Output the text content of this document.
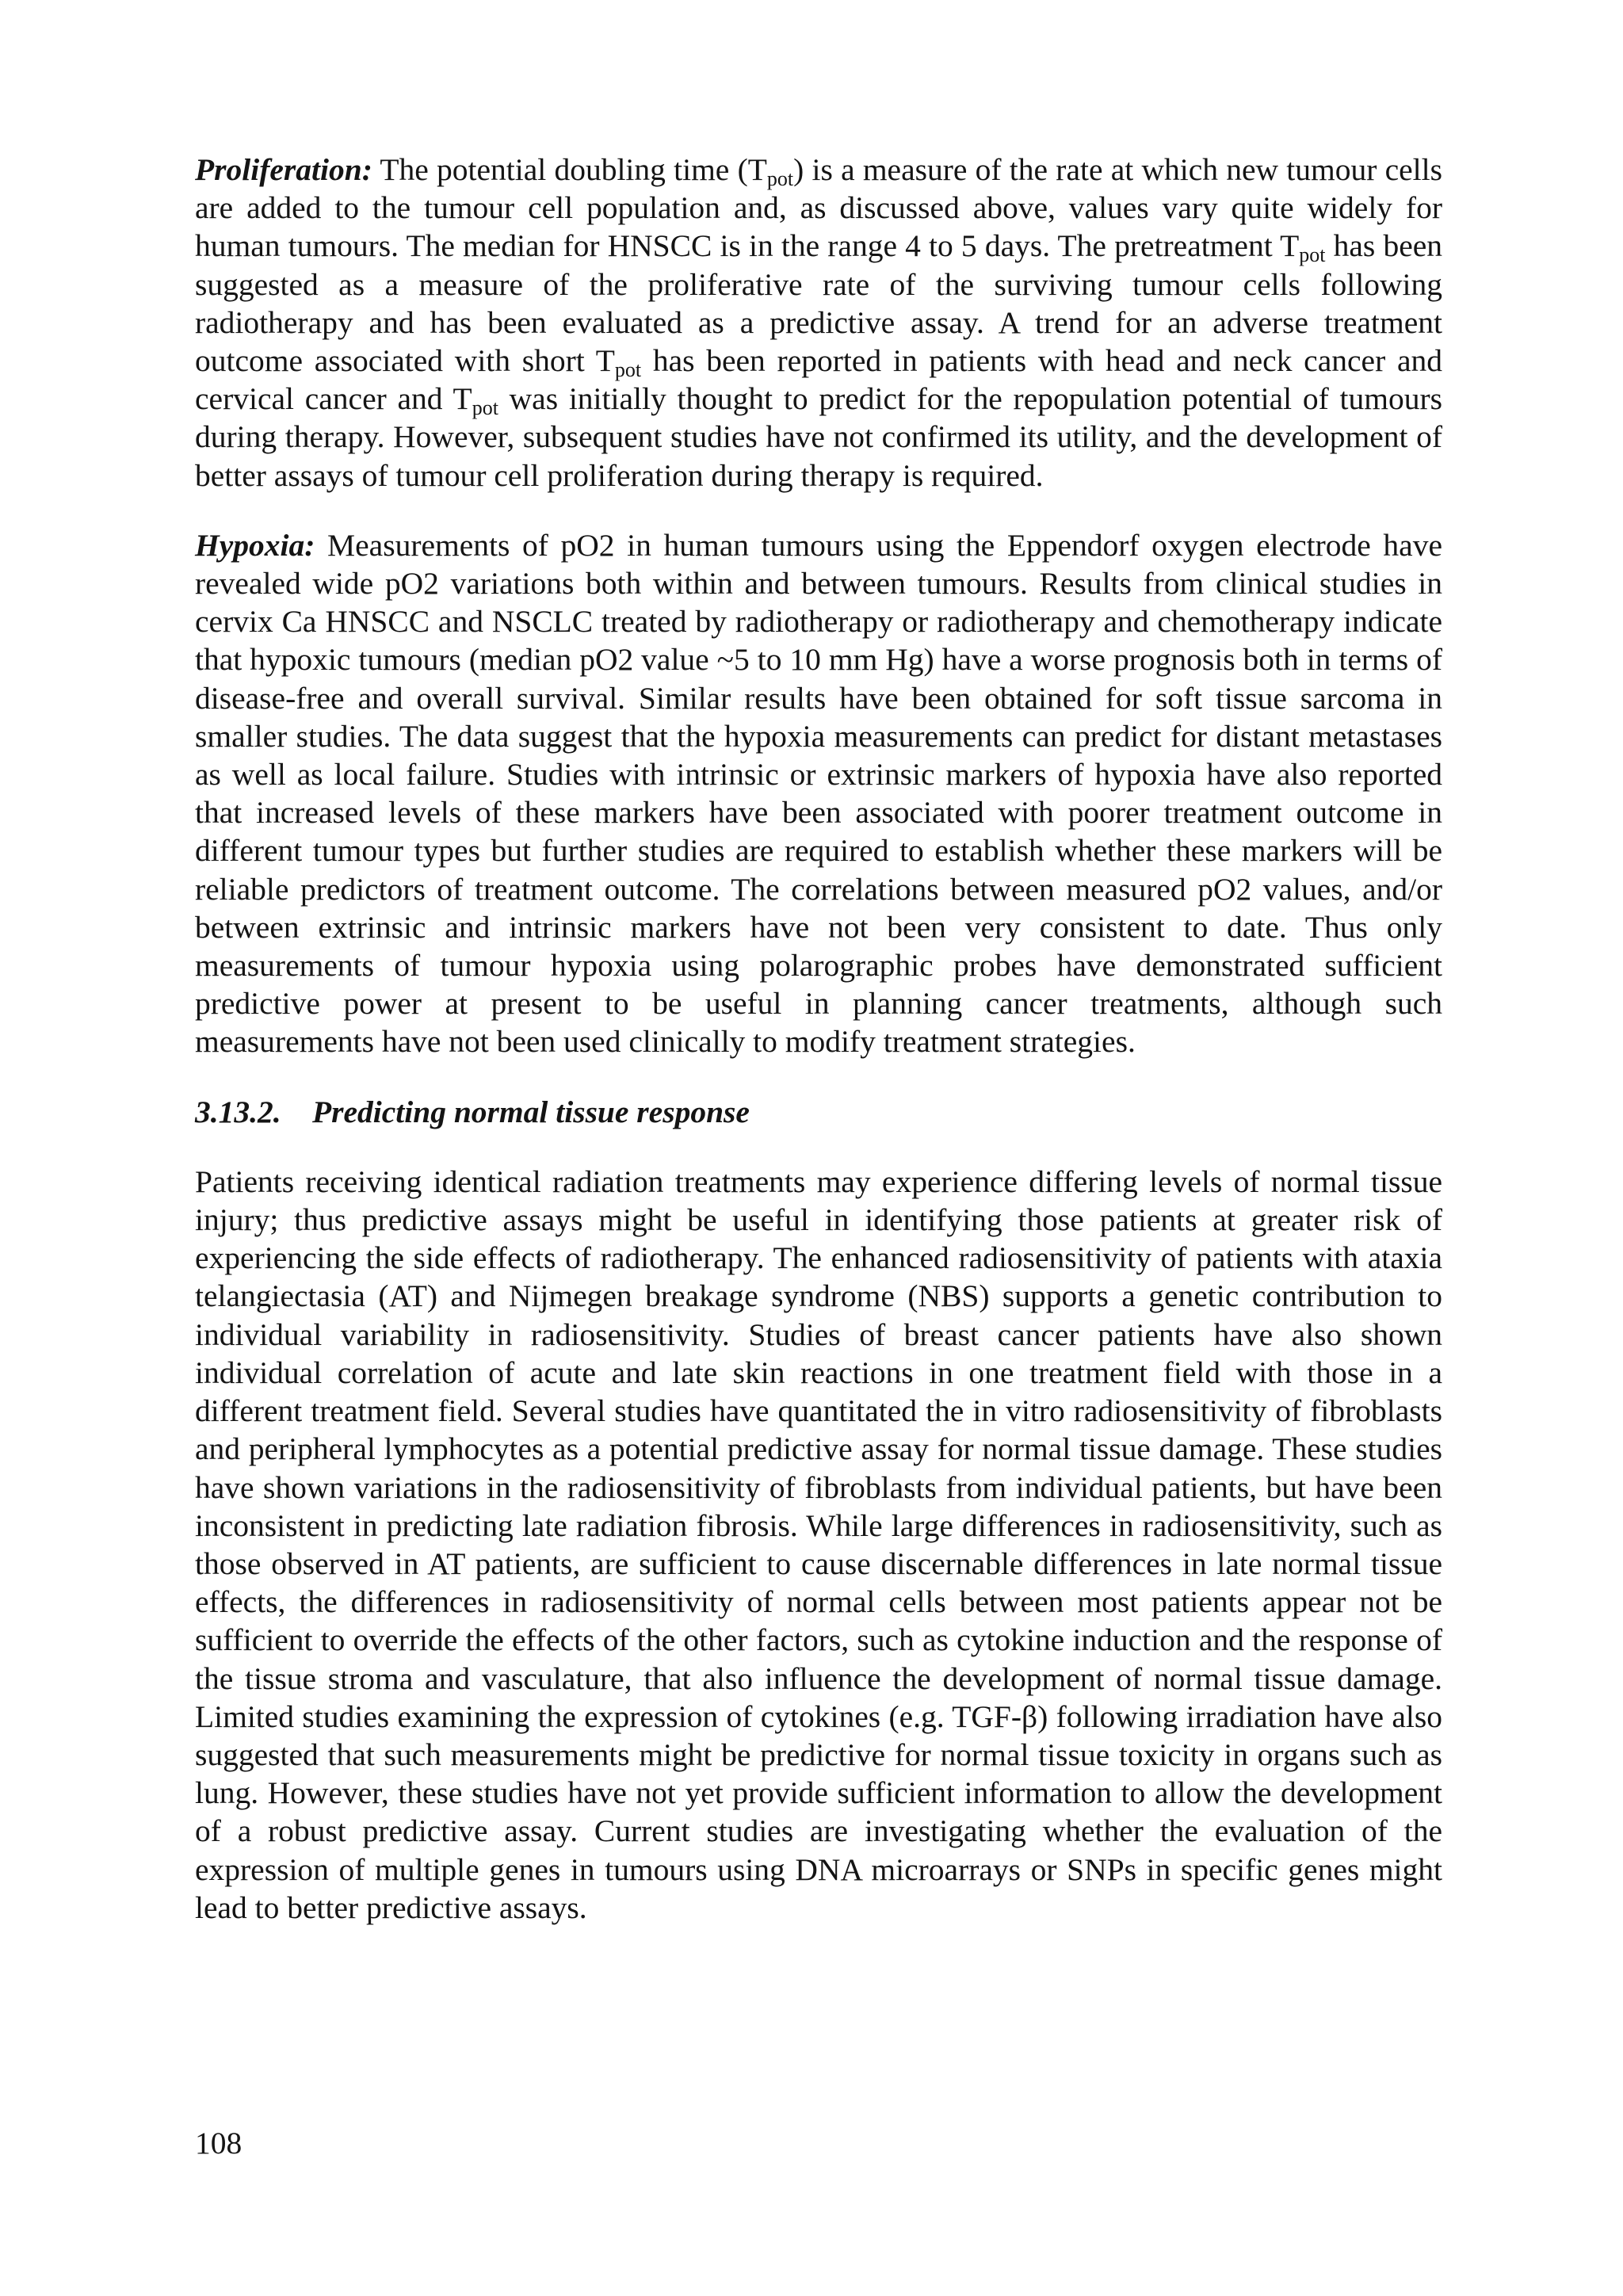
Proliferation: The potential doubling time $(T_{pot})$ is a measure of the rate at which new tumour cells are added to the tumour cell population and, as discussed above, values vary quite widely for human tumours. The median for HNSCC is in the range 4 to 5 days. The pretreatment $T_{pot}$ has been suggested as a measure of the proliferative rate of the surviving tumour cells following radiotherapy and has been evaluated as a predictive assay. A trend for an adverse treatment outcome associated with short $T_{pot}$ has been reported in patients with head and neck cancer and cervical cancer and $T_{pot}$ was initially thought to predict for the repopulation potential of tumours during therapy. However, subsequent studies have not confirmed its utility, and the development of better assays of tumour cell proliferation during therapy is required.

Hypoxia: Measurements of pO2 in human tumours using the Eppendorf oxygen electrode have revealed wide pO2 variations both within and between tumours. Results from clinical studies in cervix Ca HNSCC and NSCLC treated by radiotherapy or radiotherapy and chemotherapy indicate that hypoxic tumours (median pO2 value ~5 to 10 mm Hg) have a worse prognosis both in terms of disease-free and overall survival. Similar results have been obtained for soft tissue sarcoma in smaller studies. The data suggest that the hypoxia measurements can predict for distant metastases as well as local failure. Studies with intrinsic or extrinsic markers of hypoxia have also reported that increased levels of these markers have been associated with poorer treatment outcome in different tumour types but further studies are required to establish whether these markers will be reliable predictors of treatment outcome. The correlations between measured pO2 values, and/or between extrinsic and intrinsic markers have not been very consistent to date. Thus only measurements of tumour hypoxia using polarographic probes have demonstrated sufficient predictive power at present to be useful in planning cancer treatments, although such measurements have not been used clinically to modify treatment strategies.

3.13.2. Predicting normal tissue response

Patients receiving identical radiation treatments may experience differing levels of normal tissue injury; thus predictive assays might be useful in identifying those patients at greater risk of experiencing the side effects of radiotherapy. The enhanced radiosensitivity of patients with ataxia telangiectasia (AT) and Nijmegen breakage syndrome (NBS) supports a genetic contribution to individual variability in radiosensitivity. Studies of breast cancer patients have also shown individual correlation of acute and late skin reactions in one treatment field with those in a different treatment field. Several studies have quantitated the in vitro radiosensitivity of fibroblasts and peripheral lymphocytes as a potential predictive assay for normal tissue damage. These studies have shown variations in the radiosensitivity of fibroblasts from individual patients, but have been inconsistent in predicting late radiation fibrosis. While large differences in radiosensitivity, such as those observed in AT patients, are sufficient to cause discernable differences in late normal tissue effects, the differences in radiosensitivity of normal cells between most patients appear not be sufficient to override the effects of the other factors, such as cytokine induction and the response of the tissue stroma and vasculature, that also influence the development of normal tissue damage. Limited studies examining the expression of cytokines (e.g. TGF-β) following irradiation have also suggested that such measurements might be predictive for normal tissue toxicity in organs such as lung. However, these studies have not yet provide sufficient information to allow the development of a robust predictive assay. Current studies are investigating whether the evaluation of the expression of multiple genes in tumours using DNA microarrays or SNPs in specific genes might lead to better predictive assays.

108
